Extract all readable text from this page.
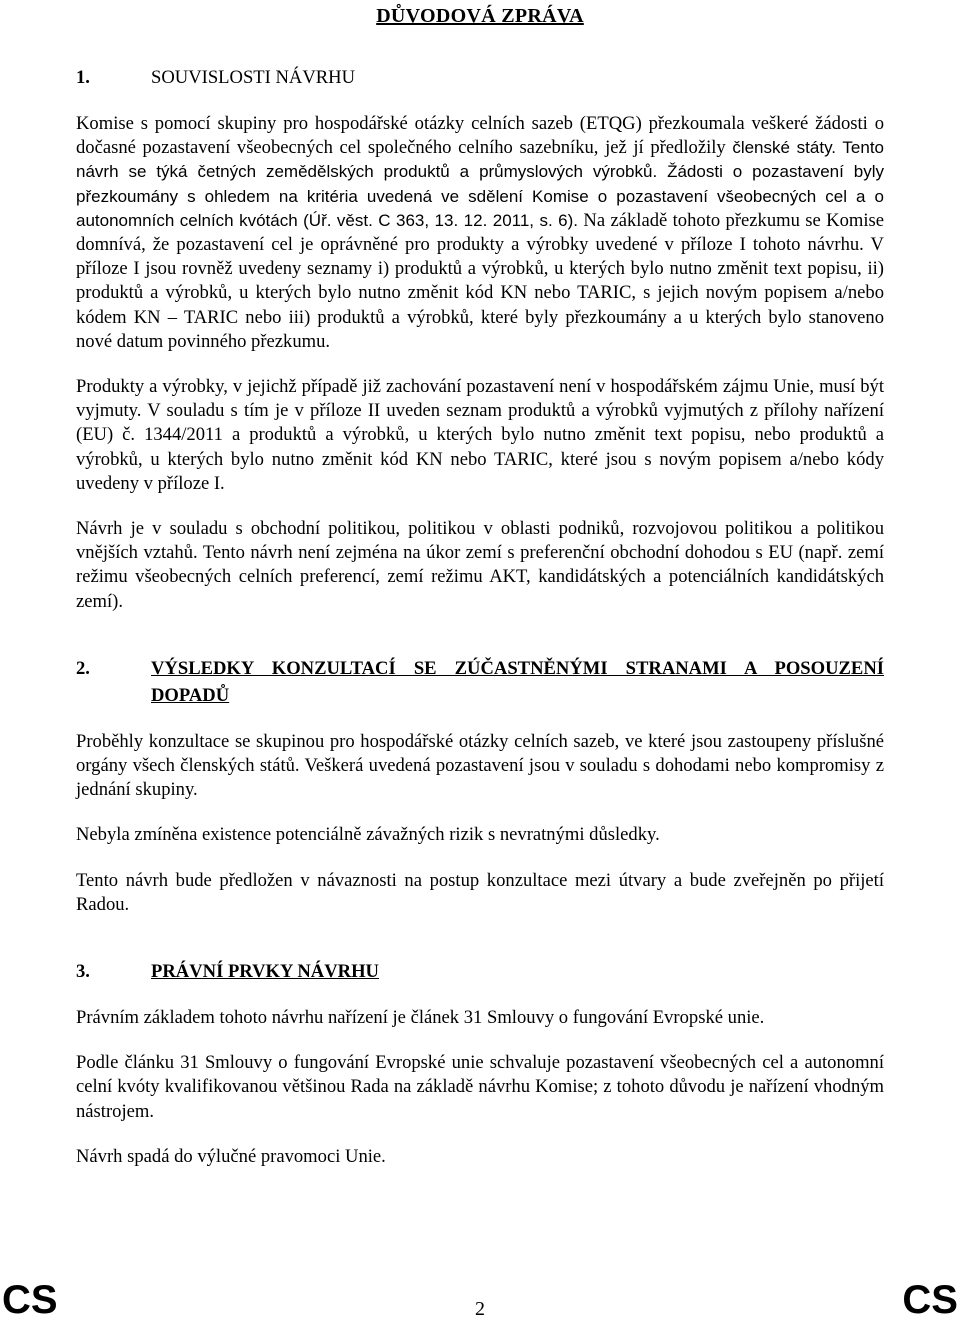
DŮVODOVÁ ZPRÁVA
1.	SOUVISLOSTI NÁVRHU

Komise s pomocí skupiny pro hospodářské otázky celních sazeb (ETQG) přezkoumala veškeré žádosti o dočasné pozastavení všeobecných cel společného celního sazebníku, jež jí předložily členské státy. Tento návrh se týká četných zemědělských produktů a průmyslových výrobků. Žádosti o pozastavení byly přezkoumány s ohledem na kritéria uvedená ve sdělení Komise o pozastavení všeobecných cel a o autonomních celních kvótách (Úř. věst. C 363, 13. 12. 2011, s. 6). Na základě tohoto přezkumu se Komise domnívá, že pozastavení cel je oprávněné pro produkty a výrobky uvedené v příloze I tohoto návrhu. V příloze I jsou rovněž uvedeny seznamy i) produktů a výrobků, u kterých bylo nutno změnit text popisu, ii) produktů a výrobků, u kterých bylo nutno změnit kód KN nebo TARIC, s jejich novým popisem a/nebo kódem KN – TARIC nebo iii) produktů a výrobků, které byly přezkoumány a u kterých bylo stanoveno nové datum povinného přezkumu.

Produkty a výrobky, v jejichž případě již zachování pozastavení není v hospodářském zájmu Unie, musí být vyjmuty. V souladu s tím je v příloze II uveden seznam produktů a výrobků vyjmutých z přílohy nařízení (EU) č. 1344/2011 a produktů a výrobků, u kterých bylo nutno změnit text popisu, nebo produktů a výrobků, u kterých bylo nutno změnit kód KN nebo TARIC, které jsou s novým popisem a/nebo kódy uvedeny v příloze I.

Návrh je v souladu s obchodní politikou, politikou v oblasti podniků, rozvojovou politikou a politikou vnějších vztahů. Tento návrh není zejména na úkor zemí s preferenční obchodní dohodou s EU (např. zemí režimu všeobecných celních preferencí, zemí režimu AKT, kandidátských a potenciálních kandidátských zemí).

2.	VÝSLEDKY KONZULTACÍ SE ZÚČASTNĚNÝMI STRANAMI A POSOUZENÍ DOPADŮ

Proběhly konzultace se skupinou pro hospodářské otázky celních sazeb, ve které jsou zastoupeny příslušné orgány všech členských států. Veškerá uvedená pozastavení jsou v souladu s dohodami nebo kompromisy z jednání skupiny.

Nebyla zmíněna existence potenciálně závažných rizik s nevratnými důsledky.

Tento návrh bude předložen v návaznosti na postup konzultace mezi útvary a bude zveřejněn po přijetí Radou.

3.	PRÁVNÍ PRVKY NÁVRHU

Právním základem tohoto návrhu nařízení je článek 31 Smlouvy o fungování Evropské unie.

Podle článku 31 Smlouvy o fungování Evropské unie schvaluje pozastavení všeobecných cel a autonomní celní kvóty kvalifikovanou většinou Rada na základě návrhu Komise; z tohoto důvodu je nařízení vhodným nástrojem.

Návrh spadá do výlučné pravomoci Unie.

CS	2	CS
